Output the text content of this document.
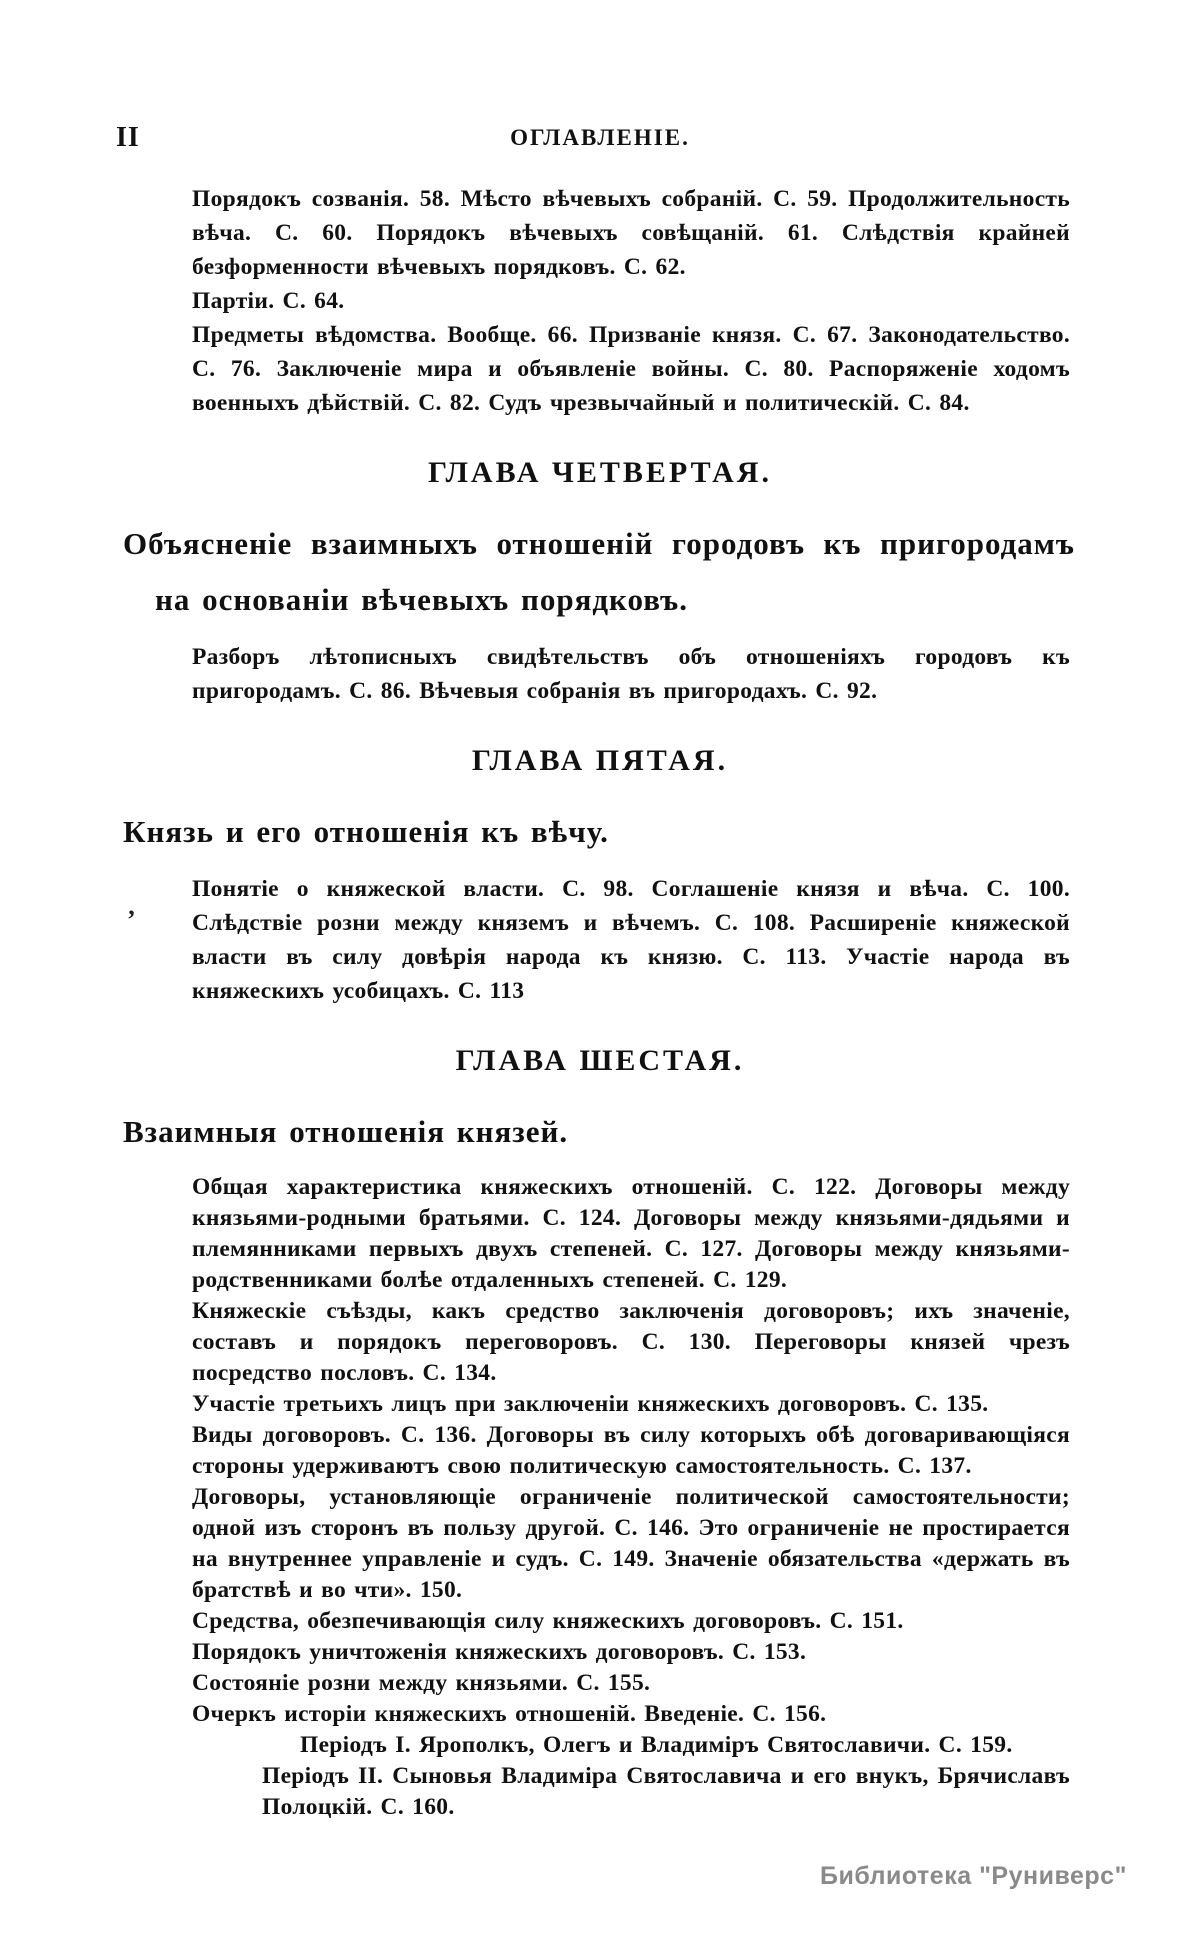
II	ОГЛАВЛЕНІЕ.

Порядокъ созванія. 58. Мѣсто вѣчевыхъ собраній. С. 59. Продолжительность вѣча. С. 60. Порядокъ вѣчевыхъ совѣщаній. 61. Слѣдствія крайней безформенности вѣчевыхъ порядковъ. С. 62.

Партіи. С. 64.

Предметы вѣдомства. Вообще. 66. Призваніе князя. С. 67. Законодательство. С. 76. Заключеніе мира и объявленіе войны. С. 80. Распоряженіе ходомъ военныхъ дѣйствій. С. 82. Судъ чрезвычайный и политическій. С. 84.

ГЛАВА ЧЕТВЕРТАЯ.
Объясненіе взаимныхъ отношеній городовъ къ пригородамъ на основаніи вѣчевыхъ порядковъ.

Разборъ лѣтописныхъ свидѣтельствъ объ отношеніяхъ городовъ къ пригородамъ. С. 86. Вѣчевыя собранія въ пригородахъ. С. 92.

ГЛАВА ПЯТАЯ.
Князь и его отношенія къ вѣчу.

Понятіе о княжеской власти. С. 98. Соглашеніе князя и вѣча. С. 100. Слѣдствіе розни между княземъ и вѣчемъ. С. 108. Расширеніе княжеской власти въ силу довѣрія народа къ князю. С. 113. Участіе народа въ княжескихъ усобицахъ. С. 113

ГЛАВА ШЕСТАЯ.
Взаимныя отношенія князей.

Общая характеристика княжескихъ отношеній. С. 122. Договоры между князьями-родными братьями. С. 124. Договоры между князьями-дядьями и племянниками первыхъ двухъ степеней. С. 127. Договоры между князьями-родственниками болѣе отдаленныхъ степеней. С. 129.

Княжескіе съѣзды, какъ средство заключенія договоровъ; ихъ значеніе, составъ и порядокъ переговоровъ. С. 130. Переговоры князей чрезъ посредство пословъ. С. 134.

Участіе третьихъ лицъ при заключеніи княжескихъ договоровъ. С. 135.

Виды договоровъ. С. 136. Договоры въ силу которыхъ обѣ договаривающіяся стороны удерживаютъ свою политическую самостоятельность. С. 137.

Договоры, установляющіе ограниченіе политической самостоятельности; одной изъ сторонъ въ пользу другой. С. 146. Это ограниченіе не простирается на внутреннее управленіе и судъ. С. 149. Значеніе обязательства «держать въ братствѣ и во чти». 150.

Средства, обезпечивающія силу княжескихъ договоровъ. С. 151.

Порядокъ уничтоженія княжескихъ договоровъ. С. 153.

Состояніе розни между князьями. С. 155.

Очеркъ исторіи княжескихъ отношеній. Введеніе. С. 156.

Періодъ I. Ярополкъ, Олегъ и Владиміръ Святославичи. С. 159.

Періодъ II. Сыновья Владиміра Святославича и его внукъ, Брячиславъ Полоцкій. С. 160.

’
Библиотека "Руниверс"
